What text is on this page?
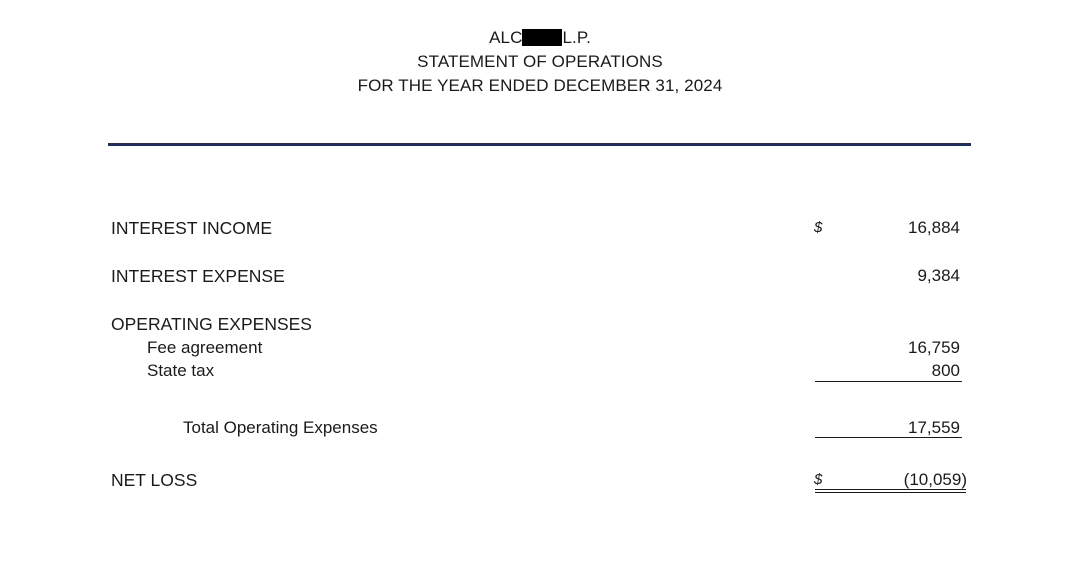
ALC L.P.
STATEMENT OF OPERATIONS
FOR THE YEAR ENDED DECEMBER 31, 2024
INTEREST INCOME	$	16,884
INTEREST EXPENSE	9,384
OPERATING EXPENSES
Fee agreement	16,759
State tax	800
Total Operating Expenses	17,559
NET LOSS	$	(10,059)
